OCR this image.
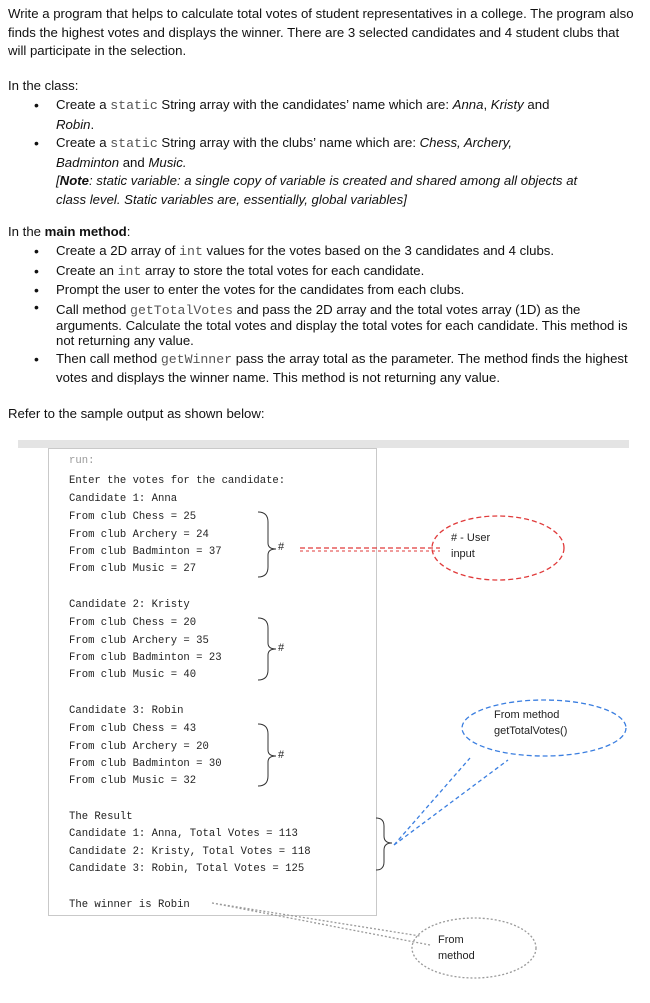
Write a program that helps to calculate total votes of student representatives in a college. The program also finds the highest votes and displays the winner. There are 3 selected candidates and 4 student clubs that will participate in the selection.
In the class:
• Create a static String array with the candidates’ name which are: Anna, Kristy and
Robin.
• Create a static String array with the clubs’ name which are: Chess, Archery,
Badminton and Music.

[Note: static variable: a single copy of variable is created and shared among all objects at class level. Static variables are, essentially, global variables]
In the main method:
• Create a 2D array of int values for the votes based on the 3 candidates and 4 clubs.
• Create an int array to store the total votes for each candidate.
• Prompt the user to enter the votes for the candidates from each clubs.
• Call method getTotalVotes and pass the 2D array and the total votes array (1D) as the arguments. Calculate the total votes and display the total votes for each candidate. This method is not returning any value.
• Then call method getWinner pass the array total as the parameter. The method finds the highest votes and displays the winner name. This method is not returning any value.
Refer to the sample output as shown below:
run:
Enter the votes for the candidate:
Candidate 1: Anna
From club Chess = 25
From club Archery = 24
From club Badminton = 37
From club Music = 27
Candidate 2: Kristy
From club Chess = 20
From club Archery = 35
From club Badminton = 23
From club Music = 40
Candidate 3: Robin
From club Chess = 43
From club Archery = 20
From club Badminton = 30
From club Music = 32
The Result
Candidate 1: Anna, Total Votes = 113
Candidate 2: Kristy, Total Votes = 118
Candidate 3: Robin, Total Votes = 125
The winner is Robin
#
#
#
# - User
input
From method
getTotalVotes()
From
method
